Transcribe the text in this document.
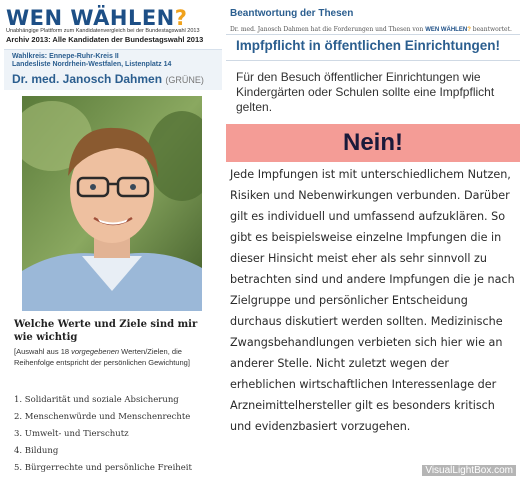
WEN WÄHLEN?
Unabhängige Plattform zum Kandidatenvergleich bei der Bundestagswahl 2013
Archiv 2013: Alle Kandidaten der Bundestagswahl 2013
Wahlkreis: Ennepe-Ruhr-Kreis II
Landesliste Nordrhein-Westfalen, Listenplatz 14
Dr. med. Janosch Dahmen (GRÜNE)
Welche Werte und Ziele sind mir wie wichtig
[Auswahl aus 18 vorgegebenen Werten/Zielen, die Reihenfolge entspricht der persönlichen Gewichtung]
1. Solidarität und soziale Absicherung
2. Menschenwürde und Menschenrechte
3. Umwelt- und Tierschutz
4. Bildung
5. Bürgerrechte und persönliche Freiheit
Beantwortung der Thesen
Dr. med. Janosch Dahmen hat die Forderungen und Thesen von WEN WÄHLEN? beantwortet.
Impfpflicht in öffentlichen Einrichtungen!
Für den Besuch öffentlicher Einrichtungen wie Kindergärten oder Schulen sollte eine Impfpflicht gelten.
Nein!
Jede Impfungen ist mit unterschiedlichem Nutzen, Risiken und Nebenwirkungen verbunden. Darüber gilt es individuell und umfassend aufzuklären. So gibt es beispielsweise einzelne Impfungen die in dieser Hinsicht meist eher als sehr sinnvoll zu betrachten sind und andere Impfungen die je nach Zielgruppe und persönlicher Entscheidung durchaus diskutiert werden sollten. Medizinische Zwangsbehandlungen verbieten sich hier wie an anderer Stelle. Nicht zuletzt wegen der erheblichen wirtschaftlichen Interessenlage der Arzneimittelhersteller gilt es besonders kritisch und evidenzbasiert vorzugehen.
VisualLightBox.com
